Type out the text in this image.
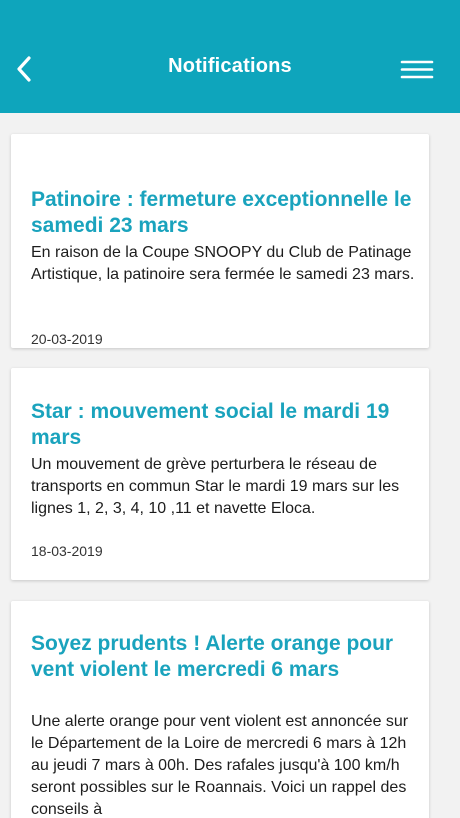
Notifications
Patinoire : fermeture exceptionnelle le samedi 23 mars
En raison de la Coupe SNOOPY du Club de Patinage Artistique, la patinoire sera fermée le samedi 23 mars.
20-03-2019
Star : mouvement social le mardi 19 mars
Un mouvement de grève perturbera le réseau de transports en commun Star le mardi 19 mars sur les lignes 1, 2, 3, 4, 10 ,11 et navette Eloca.
18-03-2019
Soyez prudents ! Alerte orange pour vent violent le mercredi 6 mars
Une alerte orange pour vent violent est annoncée sur le Département de la Loire de mercredi 6 mars à 12h au jeudi 7 mars à 00h. Des rafales jusqu'à 100 km/h seront possibles sur le Roannais. Voici un rappel des conseils à
